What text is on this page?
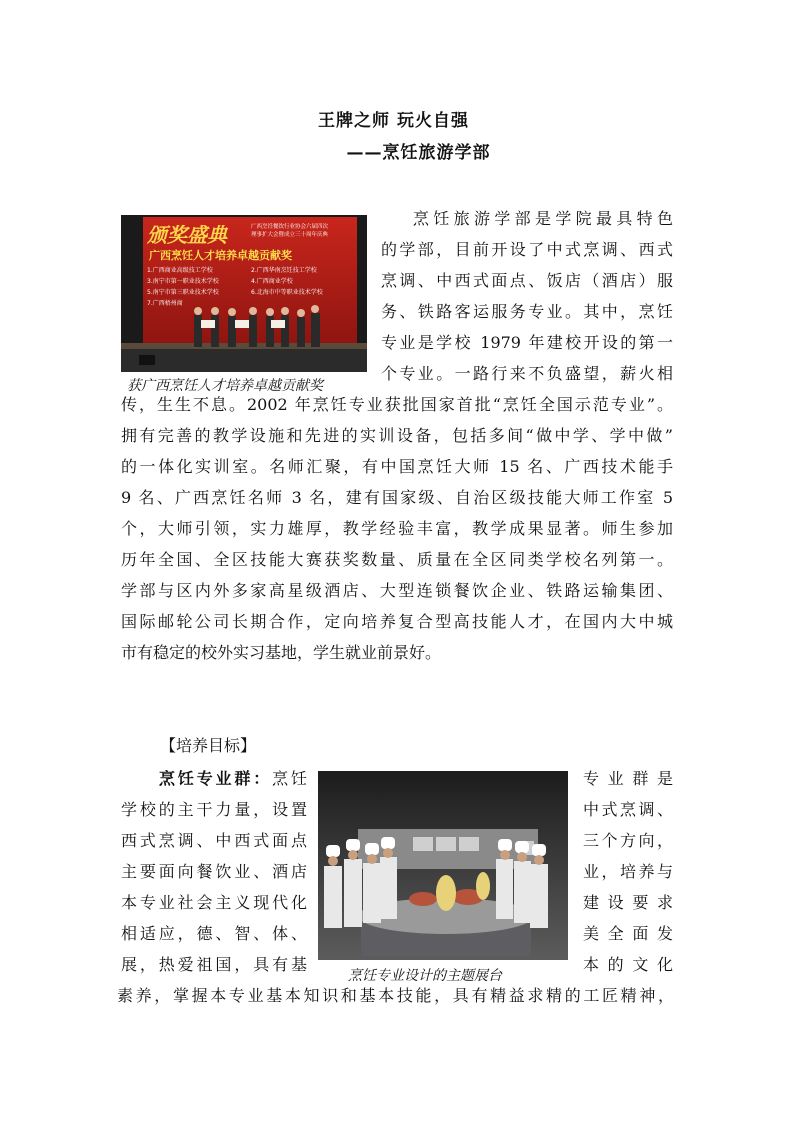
王牌之师 玩火自强
——烹饪旅游学部
颁奖盛典	广西烹饪餐饮行业协会六届四次
理事扩大会暨成立三十周年庆典
广西烹饪人才培养卓越贡献奖
1.广西商业高级技工学校	2.广西华南烹饪技工学校
3.南宁市第一职业技术学校	4.广西商业学校
5.南宁市第三职业技术学校	6.北海市中等职业技术学校
7.广西梧州商
获广西烹饪人才培养卓越贡献奖
烹饪旅游学部是学院最具特色
的学部，目前开设了中式烹调、西式
烹调、中西式面点、饭店（酒店）服
务、铁路客运服务专业。其中，烹饪
专业是学校 1979 年建校开设的第一
个专业。一路行来不负盛望，薪火相
传，生生不息。2002 年烹饪专业获批国家首批“烹饪全国示范专业”。
拥有完善的教学设施和先进的实训设备，包括多间“做中学、学中做”
的一体化实训室。名师汇聚，有中国烹饪大师 15 名、广西技术能手
9 名、广西烹饪名师 3 名，建有国家级、自治区级技能大师工作室 5
个，大师引领，实力雄厚，教学经验丰富，教学成果显著。师生参加
历年全国、全区技能大赛获奖数量、质量在全区同类学校名列第一。
学部与区内外多家高星级酒店、大型连锁餐饮企业、铁路运输集团、
国际邮轮公司长期合作，定向培养复合型高技能人才，在国内大中城
市有稳定的校外实习基地，学生就业前景好。
【培养目标】
烹饪专业群：烹饪
学校的主干力量，设置
西式烹调、中西式面点
主要面向餐饮业、酒店
本专业社会主义现代化
相适应，德、智、体、
展，热爱祖国，具有基
专业群是
中式烹调、
三个方向，
业，培养与
建设要求
美全面发
本的文化
素养，掌握本专业基本知识和基本技能，具有精益求精的工匠精神，
烹饪专业设计的主题展台
